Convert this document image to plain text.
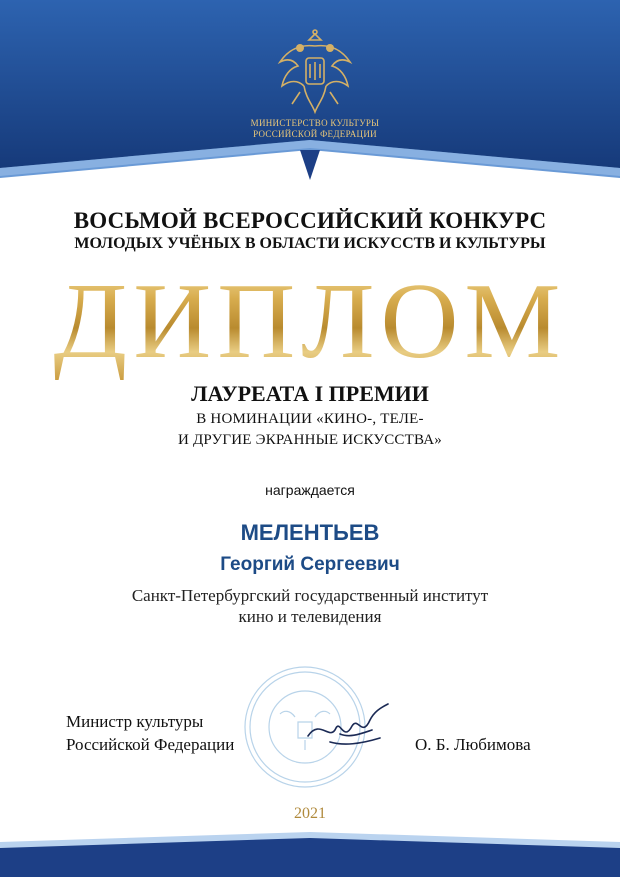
МИНИСТЕРСТВО КУЛЬТУРЫ
РОССИЙСКОЙ ФЕДЕРАЦИИ
ВОСЬМОЙ ВСЕРОССИЙСКИЙ КОНКУРС
МОЛОДЫХ УЧЁНЫХ В ОБЛАСТИ ИСКУССТВ И КУЛЬТУРЫ
ДИПЛОМ
ЛАУРЕАТА I ПРЕМИИ
В НОМИНАЦИИ «КИНО-, ТЕЛЕ-
И ДРУГИЕ ЭКРАННЫЕ ИСКУССТВА»
награждается
МЕЛЕНТЬЕВ
Георгий Сергеевич
Санкт-Петербургский государственный институт
кино и телевидения
Министр культуры
Российской Федерации	О. Б. Любимова
2021
